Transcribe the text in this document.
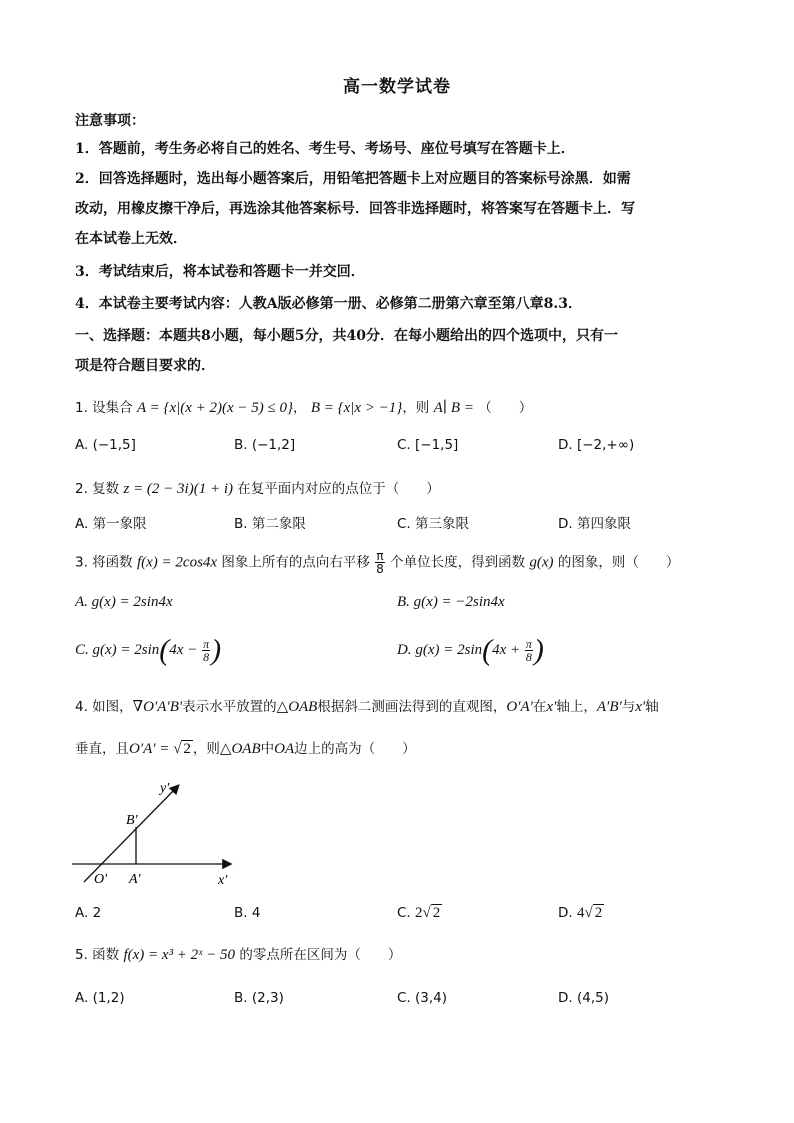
高一数学试卷
注意事项：
1．答题前，考生务必将自己的姓名、考生号、考场号、座位号填写在答题卡上．
2．回答选择题时，选出每小题答案后，用铅笔把答题卡上对应题目的答案标号涂黑．如需
改动，用橡皮擦干净后，再选涂其他答案标号．回答非选择题时，将答案写在答题卡上．写
在本试卷上无效．
3．考试结束后，将本试卷和答题卡一并交回．
4．本试卷主要考试内容：人教A版必修第一册、必修第二册第六章至第八章8.3．
一、选择题：本题共8小题，每小题5分，共40分．在每小题给出的四个选项中，只有一
项是符合题目要求的．
1. 设集合 A = {x|(x + 2)(x − 5) ≤ 0}， B = {x|x > −1}，则 A∣ B = （　　）
A. (−1,5]	B. (−1,2]	C. [−1,5]	D. [−2,+∞)
2. 复数 z = (2 − 3i)(1 + i) 在复平面内对应的点位于（　　）
A. 第一象限	B. 第二象限	C. 第三象限	D. 第四象限
3. 将函数 f(x) = 2cos4x 图象上所有的点向右平移 $\frac{\pi}{8}$ 个单位长度，得到函数 g(x) 的图象，则（　　）
A. g(x) = 2sin4x	B. g(x) = −2sin4x
C. $g(x) = 2\sin(4x - \frac{\pi}{8}$ )	D. $g(x) = 2\sin(4x + \frac{\pi}{8}$ )
4. 如图，∇O′A′B′表示水平放置的△OAB根据斜二测画法得到的直观图，O′A′在x′轴上，A′B′与x′轴
垂直，且O′A′ = √ 2 ，则△OAB中OA边上的高为（　　）
y′
B′
O′ A′	x′
A. 2	B. 4	C. 2√ 2	D. 4√ 2
5. 函数 f(x) = x³ + 2ˣ − 50 的零点所在区间为（　　）
A. (1,2)	B. (2,3)	C. (3,4)	D. (4,5)
